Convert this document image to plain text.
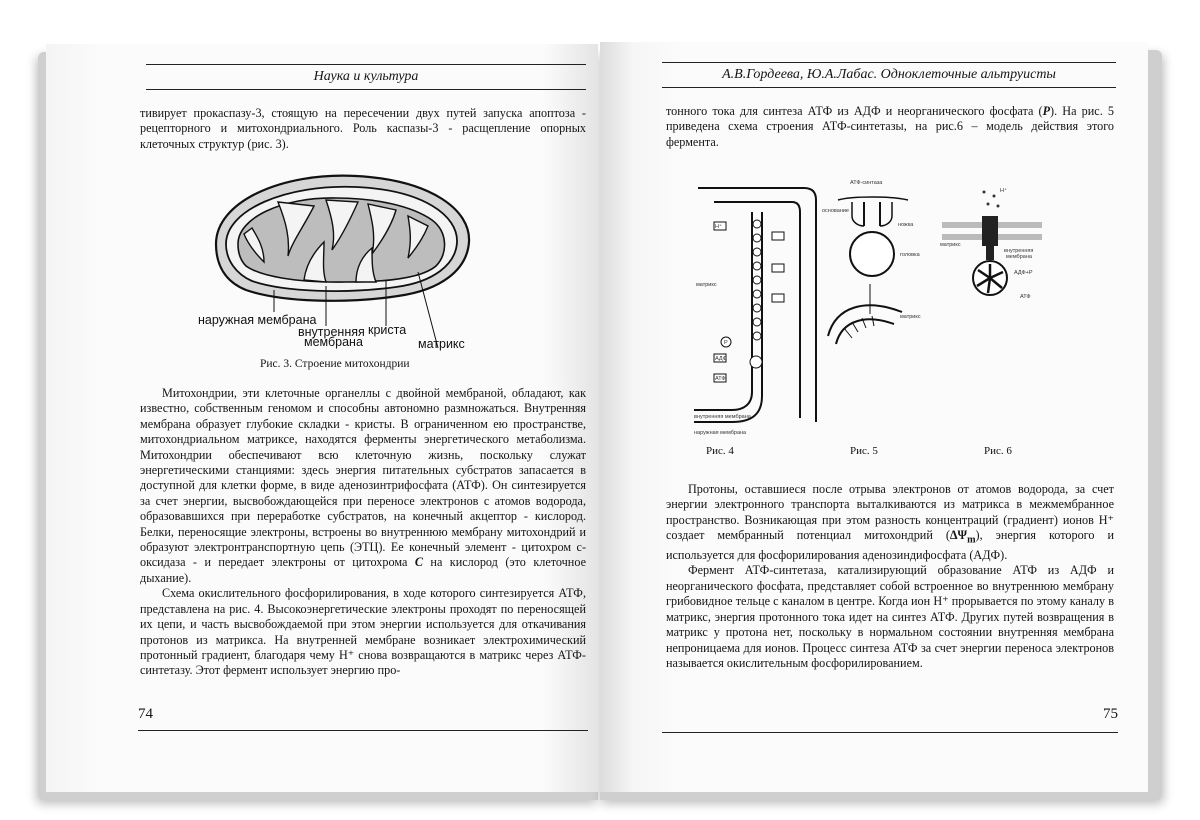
Наука и культура

тивирует прокаспазу-3, стоящую на пересечении двух путей запуска апоптоза - рецепторного и митохондриального. Роль каспазы-3 - расщепление опорных клеточных структур (рис. 3).

наружная мембрана
внутренняя
мембрана
криста
матрикс
Рис. 3. Строение митохондрии

Митохондрии, эти клеточные органеллы с двойной мембраной, обладают, как известно, собственным геномом и способны автономно размножаться. Внутренняя мембрана образует глубокие складки - кристы. В ограниченном ею пространстве, митохондриальном матриксе, находятся ферменты энергетического метаболизма. Митохондрии обеспечивают всю клеточную жизнь, поскольку служат энергетическими станциями: здесь энергия питательных субстратов запасается в доступной для клетки форме, в виде аденозинтрифосфата (АТФ). Он синтезируется за счет энергии, высвобождающейся при переносе электронов с атомов водорода, образовавшихся при переработке субстратов, на конечный акцептор - кислород. Белки, переносящие электроны, встроены во внутреннюю мембрану митохондрий и образуют электронтранспортную цепь (ЭТЦ). Ее конечный элемент - цитохром с-оксидаза - и передает электроны от цитохрома C на кислород (это клеточное дыхание).

Схема окислительного фосфорилирования, в ходе которого синтезируется АТФ, представлена на рис. 4. Высокоэнергетические электроны проходят по переносящей их цепи, и часть высвобождаемой при этом энергии используется для откачивания протонов из матрикса. На внутренней мембране возникает электрохимический протонный градиент, благодаря чему H⁺ снова возвращаются в матрикс через АТФ-синтетазу. Этот фермент использует энергию про-

74
А.В.Гордеева, Ю.А.Лабас. Одноклеточные альтруисты

тонного тока для синтеза АТФ из АДФ и неорганического фосфата (P). На рис. 5 приведена схема строения АТФ-синтетазы, на рис.6 – модель действия этого фермента.

H⁺
P
АДФ
АТФ
матрикс
внутренняя мембрана
наружная мембрана
АТФ-синтаза
основание
ножка
головка
матрикс
H⁺
матрикс
внутренняя
мембрана
АДФ+P
АТФ
Рис. 4	Рис. 5	Рис. 6

Протоны, оставшиеся после отрыва электронов от атомов водорода, за счет энергии электронного транспорта выталкиваются из матрикса в межмембранное пространство. Возникающая при этом разность концентраций (градиент) ионов H⁺ создает мембранный потенциал митохондрий $(\Delta\Psi_m)$, энергия которого и используется для фосфорилирования аденозиндифосфата (АДФ).

Фермент АТФ-синтетаза, катализирующий образование АТФ из АДФ и неорганического фосфата, представляет собой встроенное во внутреннюю мембрану грибовидное тельце с каналом в центре. Когда ион H⁺ прорывается по этому каналу в матрикс, энергия протонного тока идет на синтез АТФ. Других путей возвращения в матрикс у протона нет, поскольку в нормальном состоянии внутренняя мембрана непроницаема для ионов. Процесс синтеза АТФ за счет энергии переноса электронов называется окислительным фосфорилированием.

75
